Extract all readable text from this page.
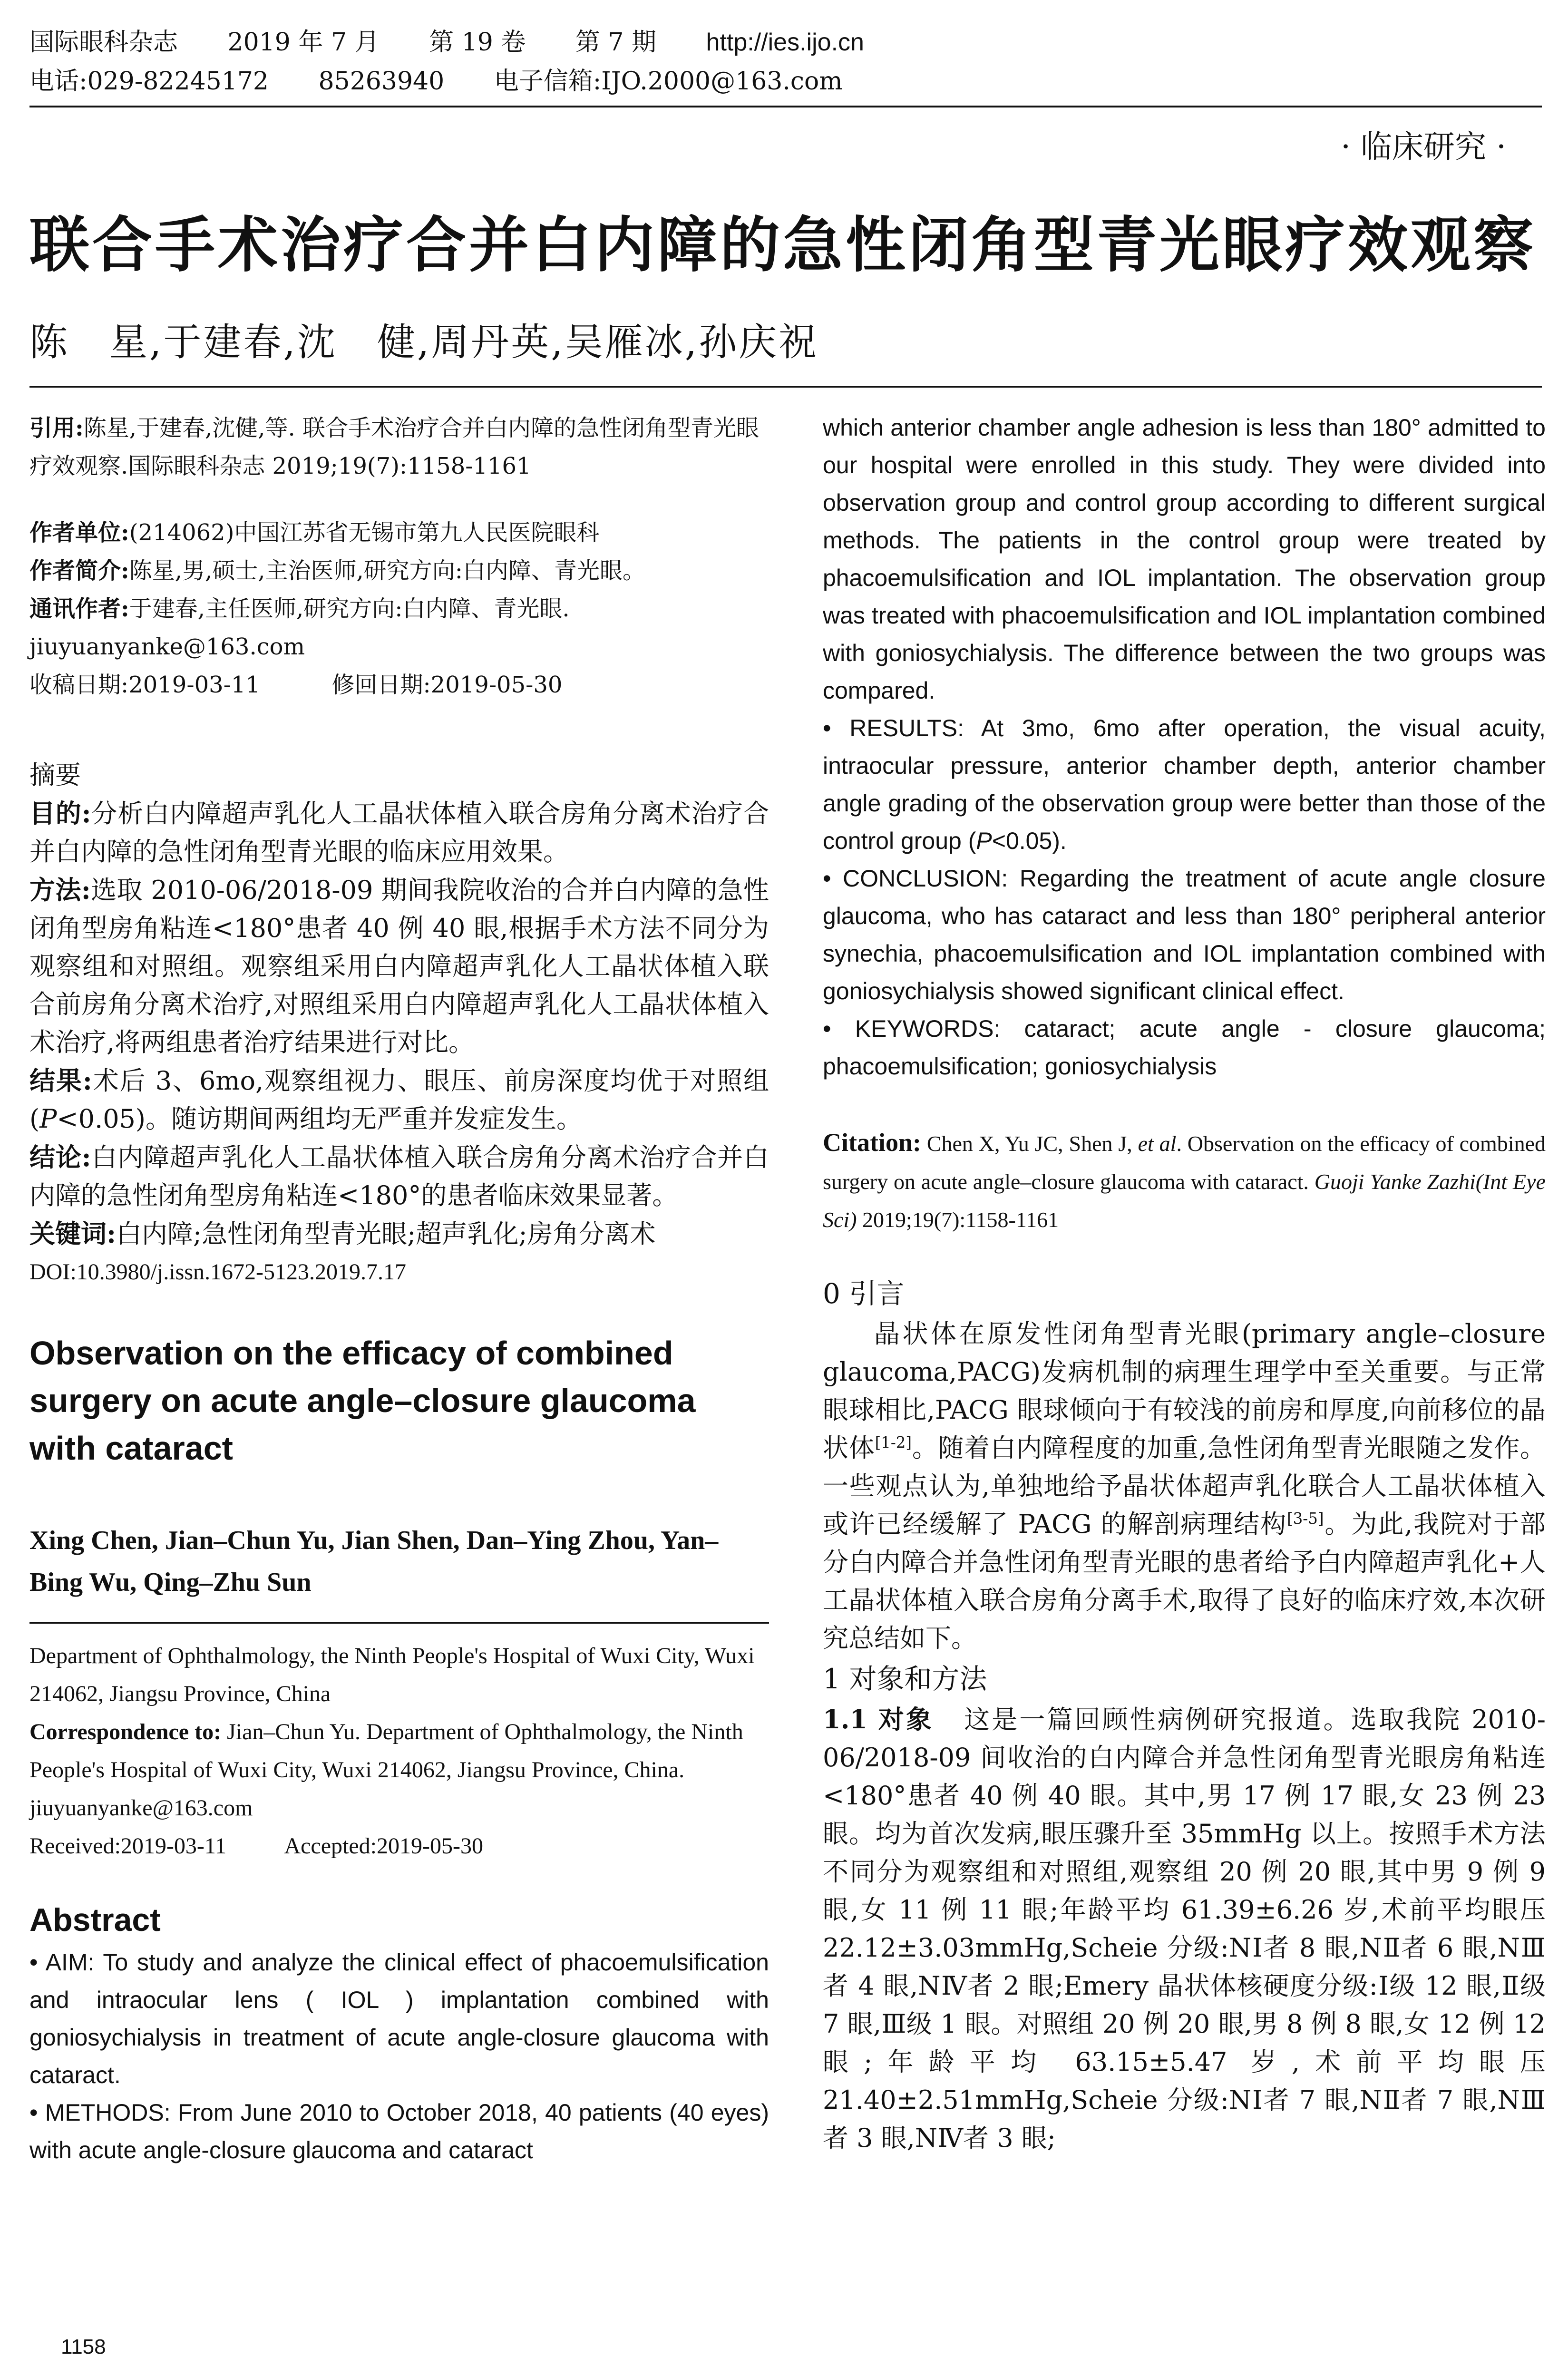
国际眼科杂志 2019 年 7 月 第 19 卷 第 7 期 http://ies.ijo.cn
电话:029-82245172 85263940 电子信箱:IJO.2000@163.com
· 临床研究 ·
联合手术治疗合并白内障的急性闭角型青光眼疗效观察
陈　星,于建春,沈　健,周丹英,吴雁冰,孙庆祝

引用:陈星,于建春,沈健,等. 联合手术治疗合并白内障的急性闭角型青光眼疗效观察.国际眼科杂志 2019;19(7):1158-1161

作者单位:(214062)中国江苏省无锡市第九人民医院眼科

作者简介:陈星,男,硕士,主治医师,研究方向:白内障、青光眼。

通讯作者:于建春,主任医师,研究方向:白内障、青光眼. jiuyuanyanke@163.com

收稿日期:2019-03-11	修回日期:2019-05-30

摘要

目的:分析白内障超声乳化人工晶状体植入联合房角分离术治疗合并白内障的急性闭角型青光眼的临床应用效果。

方法:选取 2010-06/2018-09 期间我院收治的合并白内障的急性闭角型房角粘连<180°患者 40 例 40 眼,根据手术方法不同分为观察组和对照组。观察组采用白内障超声乳化人工晶状体植入联合前房角分离术治疗,对照组采用白内障超声乳化人工晶状体植入术治疗,将两组患者治疗结果进行对比。

结果:术后 3、6mo,观察组视力、眼压、前房深度均优于对照组(P<0.05)。随访期间两组均无严重并发症发生。

结论:白内障超声乳化人工晶状体植入联合房角分离术治疗合并白内障的急性闭角型房角粘连<180°的患者临床效果显著。

关键词:白内障;急性闭角型青光眼;超声乳化;房角分离术

DOI:10.3980/j.issn.1672-5123.2019.7.17

Observation on the efficacy of combined surgery on acute angle–closure glaucoma with cataract

Xing Chen, Jian–Chun Yu, Jian Shen, Dan–Ying Zhou, Yan–Bing Wu, Qing–Zhu Sun

Department of Ophthalmology, the Ninth People's Hospital of Wuxi City, Wuxi 214062, Jiangsu Province, China

Correspondence to: Jian–Chun Yu. Department of Ophthalmology, the Ninth People's Hospital of Wuxi City, Wuxi 214062, Jiangsu Province, China. jiuyuanyanke@163.com

Received:2019-03-11	Accepted:2019-05-30

Abstract

• AIM: To study and analyze the clinical effect of phacoemulsification and intraocular lens ( IOL ) implantation combined with goniosychialysis in treatment of acute angle-closure glaucoma with cataract.

• METHODS: From June 2010 to October 2018, 40 patients (40 eyes) with acute angle-closure glaucoma and cataract

which anterior chamber angle adhesion is less than 180° admitted to our hospital were enrolled in this study. They were divided into observation group and control group according to different surgical methods. The patients in the control group were treated by phacoemulsification and IOL implantation. The observation group was treated with phacoemulsification and IOL implantation combined with goniosychialysis. The difference between the two groups was compared.

• RESULTS: At 3mo, 6mo after operation, the visual acuity, intraocular pressure, anterior chamber depth, anterior chamber angle grading of the observation group were better than those of the control group (P<0.05).

• CONCLUSION: Regarding the treatment of acute angle closure glaucoma, who has cataract and less than 180° peripheral anterior synechia, phacoemulsification and IOL implantation combined with goniosychialysis showed significant clinical effect.

• KEYWORDS: cataract; acute angle - closure glaucoma; phacoemulsification; goniosychialysis

Citation: Chen X, Yu JC, Shen J, et al. Observation on the efficacy of combined surgery on acute angle–closure glaucoma with cataract. Guoji Yanke Zazhi(Int Eye Sci) 2019;19(7):1158-1161

0 引言

晶状体在原发性闭角型青光眼(primary angle–closure glaucoma,PACG)发病机制的病理生理学中至关重要。与正常眼球相比,PACG 眼球倾向于有较浅的前房和厚度,向前移位的晶状体[1-2]。随着白内障程度的加重,急性闭角型青光眼随之发作。一些观点认为,单独地给予晶状体超声乳化联合人工晶状体植入或许已经缓解了 PACG 的解剖病理结构[3-5]。为此,我院对于部分白内障合并急性闭角型青光眼的患者给予白内障超声乳化+人工晶状体植入联合房角分离手术,取得了良好的临床疗效,本次研究总结如下。

1 对象和方法

1.1 对象 这是一篇回顾性病例研究报道。选取我院 2010-06/2018-09 间收治的白内障合并急性闭角型青光眼房角粘连<180°患者 40 例 40 眼。其中,男 17 例 17 眼,女 23 例 23 眼。均为首次发病,眼压骤升至 35mmHg 以上。按照手术方法不同分为观察组和对照组,观察组 20 例 20 眼,其中男 9 例 9 眼,女 11 例 11 眼;年龄平均 61.39±6.26 岁,术前平均眼压 22.12±3.03mmHg,Scheie 分级:NⅠ者 8 眼,NⅡ者 6 眼,NⅢ者 4 眼,NⅣ者 2 眼;Emery 晶状体核硬度分级:Ⅰ级 12 眼,Ⅱ级 7 眼,Ⅲ级 1 眼。对照组 20 例 20 眼,男 8 例 8 眼,女 12 例 12 眼;年龄平均 63.15±5.47 岁,术前平均眼压 21.40±2.51mmHg,Scheie 分级:NⅠ者 7 眼,NⅡ者 7 眼,NⅢ者 3 眼,NⅣ者 3 眼;

1158
